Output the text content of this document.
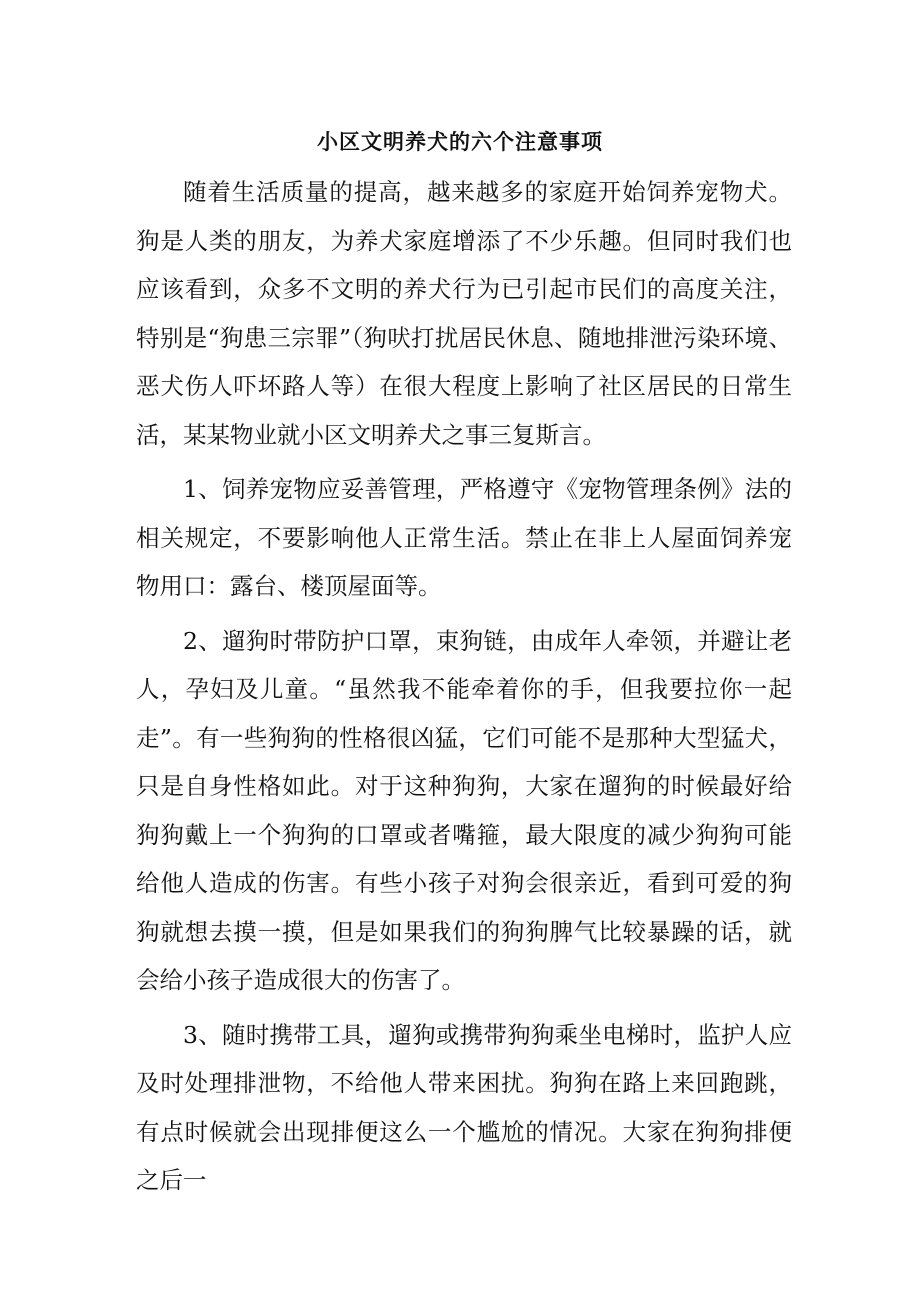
小区文明养犬的六个注意事项

随着生活质量的提高，越来越多的家庭开始饲养宠物犬。狗是人类的朋友，为养犬家庭增添了不少乐趣。但同时我们也应该看到，众多不文明的养犬行为已引起市民们的高度关注，特别是“狗患三宗罪”（狗吠打扰居民休息、随地排泄污染环境、恶犬伤人吓坏路人等）在很大程度上影响了社区居民的日常生活，某某物业就小区文明养犬之事三复斯言。

1、饲养宠物应妥善管理，严格遵守《宠物管理条例》法的相关规定，不要影响他人正常生活。禁止在非上人屋面饲养宠物用口：露台、楼顶屋面等。

2、遛狗时带防护口罩，束狗链，由成年人牵领，并避让老人，孕妇及儿童。“虽然我不能牵着你的手，但我要拉你一起走”。有一些狗狗的性格很凶猛，它们可能不是那种大型猛犬，只是自身性格如此。对于这种狗狗，大家在遛狗的时候最好给狗狗戴上一个狗狗的口罩或者嘴箍，最大限度的减少狗狗可能给他人造成的伤害。有些小孩子对狗会很亲近，看到可爱的狗狗就想去摸一摸，但是如果我们的狗狗脾气比较暴躁的话，就会给小孩子造成很大的伤害了。

3、随时携带工具，遛狗或携带狗狗乘坐电梯时，监护人应及时处理排泄物，不给他人带来困扰。狗狗在路上来回跑跳，有点时候就会出现排便这么一个尴尬的情况。大家在狗狗排便之后一
